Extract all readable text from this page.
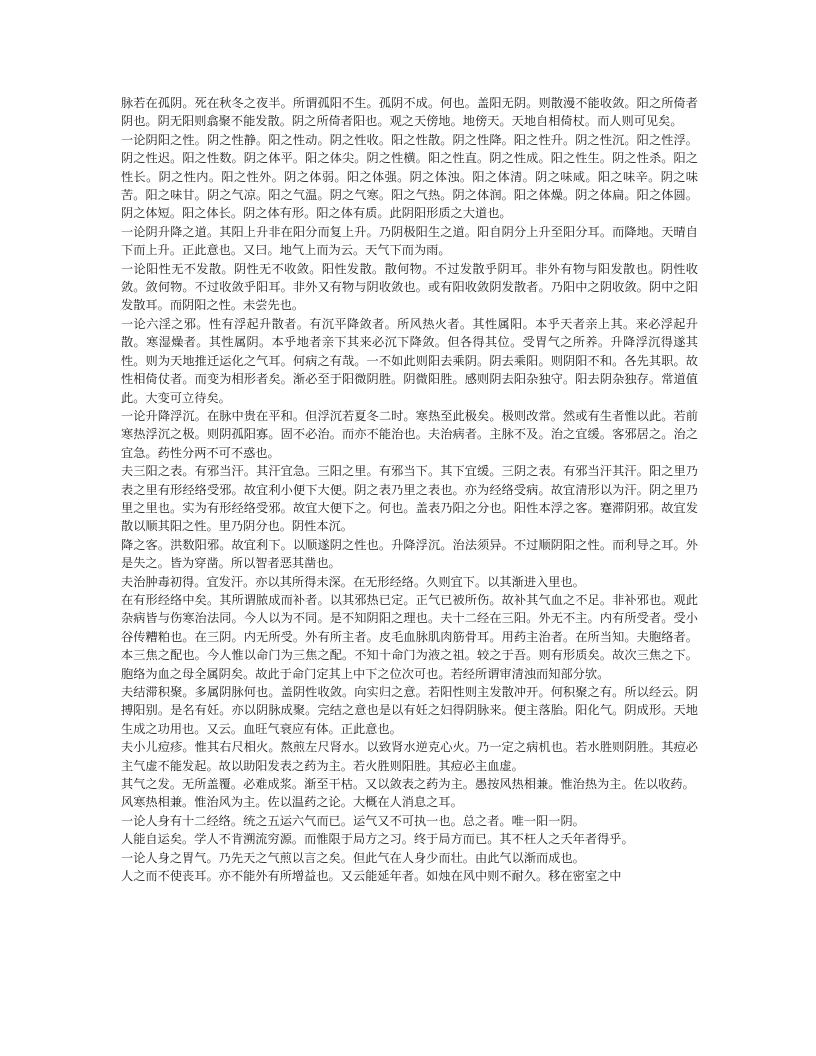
脉若在孤阴。死在秋冬之夜半。所谓孤阳不生。孤阴不成。何也。盖阳无阴。则散漫不能收敛。阳之所倚者阴也。阴无阳则翕聚不能发散。阴之所倚者阳也。观之天傍地。地傍天。天地自相倚杖。而人则可见矣。

一论阴阳之性。阴之性静。阳之性动。阴之性收。阳之性散。阴之性降。阳之性升。阴之性沉。阳之性浮。阴之性迟。阳之性数。阴之体平。阳之体尖。阴之性横。阳之性直。阴之性成。阳之性生。阴之性杀。阳之性长。阴之性内。阳之性外。阴之体弱。阳之体强。阴之体浊。阳之体清。阴之味咸。阳之味辛。阴之味苦。阳之味甘。阴之气凉。阳之气温。阴之气寒。阳之气热。阴之体润。阳之体燥。阴之体扁。阳之体圆。阴之体短。阳之体长。阴之体有形。阳之体有质。此阴阳形质之大道也。

一论阴升降之道。其阳上升非在阳分而复上升。乃阴极阳生之道。阳自阴分上升至阳分耳。而降地。天晴自下而上升。正此意也。又曰。地气上而为云。天气下而为雨。

一论阳性无不发散。阴性无不收敛。阳性发散。散何物。不过发散乎阴耳。非外有物与阳发散也。阴性收敛。敛何物。不过收敛乎阳耳。非外又有物与阴收敛也。或有阳收敛阴发散者。乃阳中之阴收敛。阴中之阳发散耳。而阴阳之性。未尝先也。

一论六淫之邪。性有浮起升散者。有沉平降敛者。所风热火者。其性属阳。本乎天者亲上其。来必浮起升散。寒湿燥者。其性属阴。本乎地者亲下其来必沉下降敛。但各得其位。受胃气之所养。升降浮沉得遂其性。则为天地推迁运化之气耳。何病之有哉。一不如此则阳去乘阴。阴去乘阳。则阴阳不和。各先其职。故性相倚仗者。而变为相形者矣。渐必至于阳微阴胜。阴微阳胜。感则阴去阳杂独守。阳去阴杂独存。常道值此。大变可立待矣。

一论升降浮沉。在脉中贵在平和。但浮沉若夏冬二时。寒热至此极矣。极则改常。然或有生者惟以此。若前寒热浮沉之极。则阴孤阳寡。固不必治。而亦不能治也。夫治病者。主脉不及。治之宜缓。客邪居之。治之宜急。药性分两不可不惑也。

夫三阳之表。有邪当汗。其汗宜急。三阳之里。有邪当下。其下宜缓。三阴之表。有邪当汗其汗。阳之里乃表之里有形经络受邪。故宜利小便下大便。阴之表乃里之表也。亦为经络受病。故宜清形以为汗。阴之里乃里之里也。实为有形经络受邪。故宜大便下之。何也。盖表乃阳之分也。阳性本浮之客。蹇滞阴邪。故宜发散以顺其阳之性。里乃阴分也。阴性本沉。

降之客。洪数阳邪。故宜利下。以顺遂阴之性也。升降浮沉。治法须异。不过顺阴阳之性。而利导之耳。外是失之。皆为穿凿。所以智者恶其凿也。

夫治肿毒初得。宜发汗。亦以其所得未深。在无形经络。久则宜下。以其渐进入里也。

在有形经络中矣。其所谓脓成而补者。以其邪热已定。正气已被所伤。故补其气血之不足。非补邪也。观此杂病皆与伤寒治法同。今人以为不同。是不知阴阳之理也。夫十二经在三阳。外无不主。内有所受者。受小谷传糟粕也。在三阴。内无所受。外有所主者。皮毛血脉肌肉筋骨耳。用药主治者。在所当知。夫胞络者。本三焦之配也。今人惟以命门为三焦之配。不知十命门为液之祖。较之于吾。则有形质矣。故次三焦之下。胞络为血之母全属阴矣。故此于命门定其上中下之位次可也。若经所谓审清浊而知部分欤。

夫结滞积聚。多属阴脉何也。盖阴性收敛。向实归之意。若阳性则主发散冲开。何积聚之有。所以经云。阴搏阳别。是名有妊。亦以阴脉成聚。完结之意也是以有妊之妇得阴脉来。便主落胎。阳化气。阴成形。天地生成之功用也。又云。血旺气衰应有体。正此意也。

夫小儿痘疹。惟其右尺相火。熬煎左尺肾水。以致肾水逆克心火。乃一定之病机也。若水胜则阴胜。其痘必主气虚不能发起。故以助阳发表之药为主。若火胜则阳胜。其痘必主血虚。

其气之发。无所盖覆。必难成浆。渐至干枯。又以敛表之药为主。愚按风热相兼。惟治热为主。佐以收药。

风寒热相兼。惟治风为主。佐以温药之论。大概在人消息之耳。

一论人身有十二经络。统之五运六气而已。运气又不可执一也。总之者。唯一阳一阴。

人能自运矣。学人不肯溯流穷源。而惟限于局方之习。终于局方而已。其不枉人之夭年者得乎。

一论人身之胃气。乃先天之气煎以言之矣。但此气在人身少而壮。由此气以渐而成也。

人之而不使丧耳。亦不能外有所增益也。又云能延年者。如烛在风中则不耐久。移在密室之中
